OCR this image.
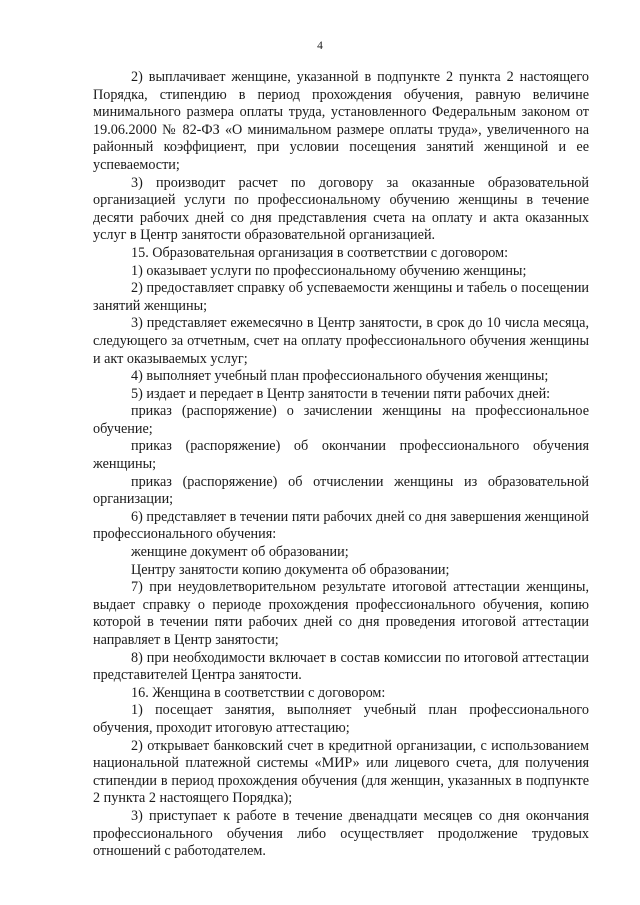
4

2) выплачивает женщине, указанной в подпункте 2 пункта 2 настоящего Порядка, стипендию в период прохождения обучения, равную величине минимального размера оплаты труда, установленного Федеральным законом от 19.06.2000 № 82-ФЗ «О минимальном размере оплаты труда», увеличенного на районный коэффициент, при условии посещения занятий женщиной и ее успеваемости;

3) производит расчет по договору за оказанные образовательной организацией услуги по профессиональному обучению женщины в течение десяти рабочих дней со дня представления счета на оплату и акта оказанных услуг в Центр занятости образовательной организацией.

15. Образовательная организация в соответствии с договором:

1) оказывает услуги по профессиональному обучению женщины;

2) предоставляет справку об успеваемости женщины и табель о посещении занятий женщины;

3) представляет ежемесячно в Центр занятости, в срок до 10 числа месяца, следующего за отчетным, счет на оплату профессионального обучения женщины и акт оказываемых услуг;

4) выполняет учебный план профессионального обучения женщины;

5) издает и передает в Центр занятости в течении пяти рабочих дней:

приказ (распоряжение) о зачислении женщины на профессиональное обучение;

приказ (распоряжение) об окончании профессионального обучения женщины;

приказ (распоряжение) об отчислении женщины из образовательной организации;

6) представляет в течении пяти рабочих дней со дня завершения женщиной профессионального обучения:

женщине документ об образовании;

Центру занятости копию документа об образовании;

7) при неудовлетворительном результате итоговой аттестации женщины, выдает справку о периоде прохождения профессионального обучения, копию которой в течении пяти рабочих дней со дня проведения итоговой аттестации направляет в Центр занятости;

8) при необходимости включает в состав комиссии по итоговой аттестации представителей Центра занятости.

16. Женщина в соответствии с договором:

1) посещает занятия, выполняет учебный план профессионального обучения, проходит итоговую аттестацию;

2) открывает банковский счет в кредитной организации, с использованием национальной платежной системы «МИР» или лицевого счета, для получения стипендии в период прохождения обучения (для женщин, указанных в подпункте 2 пункта 2 настоящего Порядка);

3) приступает к работе в течение двенадцати месяцев со дня окончания профессионального обучения либо осуществляет продолжение трудовых отношений с работодателем.
